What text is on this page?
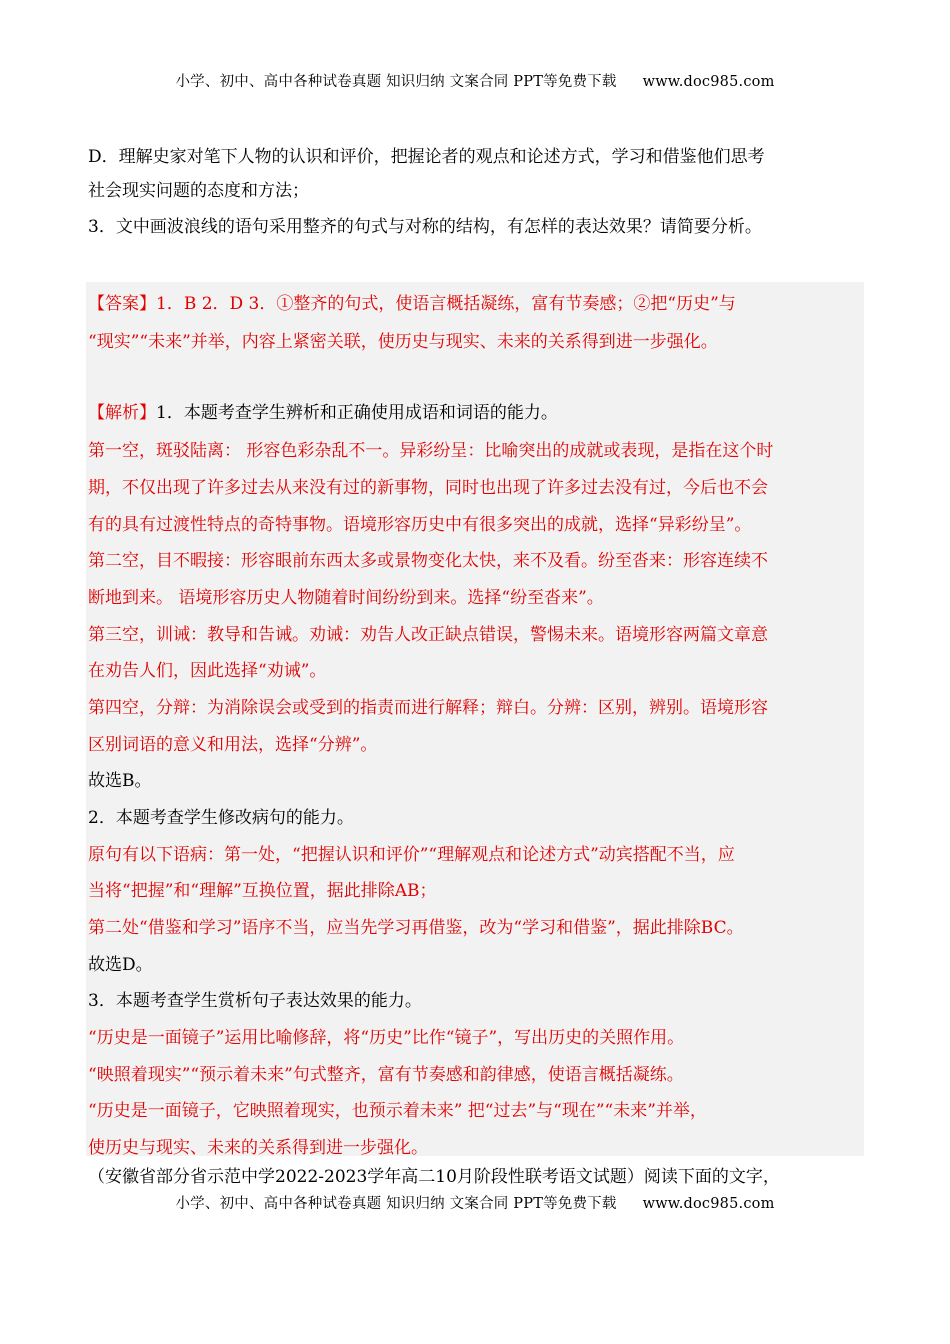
小学、初中、高中各种试卷真题 知识归纳 文案合同 PPT等免费下载 www.doc985.com
D．理解史家对笔下人物的认识和评价，把握论者的观点和论述方式，学习和借鉴他们思考
社会现实问题的态度和方法；
3．文中画波浪线的语句采用整齐的句式与对称的结构，有怎样的表达效果？请简要分析。
【答案】1．B 2．D 3．①整齐的句式，使语言概括凝练，富有节奏感；②把“历史”与
“现实”“未来”并举，内容上紧密关联，使历史与现实、未来的关系得到进一步强化。
【解析】1．本题考查学生辨析和正确使用成语和词语的能力。
第一空，斑驳陆离： 形容色彩杂乱不一。异彩纷呈：比喻突出的成就或表现，是指在这个时
期，不仅出现了许多过去从来没有过的新事物，同时也出现了许多过去没有过，今后也不会
有的具有过渡性特点的奇特事物。语境形容历史中有很多突出的成就，选择“异彩纷呈”。
第二空，目不暇接：形容眼前东西太多或景物变化太快，来不及看。纷至沓来：形容连续不
断地到来。 语境形容历史人物随着时间纷纷到来。选择“纷至沓来”。
第三空，训诫：教导和告诫。劝诫：劝告人改正缺点错误，警惕未来。语境形容两篇文章意
在劝告人们，因此选择“劝诫”。
第四空，分辩：为消除误会或受到的指责而进行解释；辩白。分辨：区别，辨别。语境形容
区别词语的意义和用法，选择“分辨”。
故选B。
2．本题考查学生修改病句的能力。
原句有以下语病：第一处，“把握认识和评价”“理解观点和论述方式”动宾搭配不当，应
当将“把握”和“理解”互换位置，据此排除AB；
第二处“借鉴和学习”语序不当，应当先学习再借鉴，改为“学习和借鉴”，据此排除BC。
故选D。
3．本题考查学生赏析句子表达效果的能力。
“历史是一面镜子”运用比喻修辞，将“历史”比作“镜子”，写出历史的关照作用。
“映照着现实”“预示着未来”句式整齐，富有节奏感和韵律感，使语言概括凝练。
“历史是一面镜子，它映照着现实，也预示着未来” 把“过去”与“现在”“未来”并举，
使历史与现实、未来的关系得到进一步强化。
（安徽省部分省示范中学2022-2023学年高二10月阶段性联考语文试题）阅读下面的文字，
小学、初中、高中各种试卷真题 知识归纳 文案合同 PPT等免费下载 www.doc985.com
